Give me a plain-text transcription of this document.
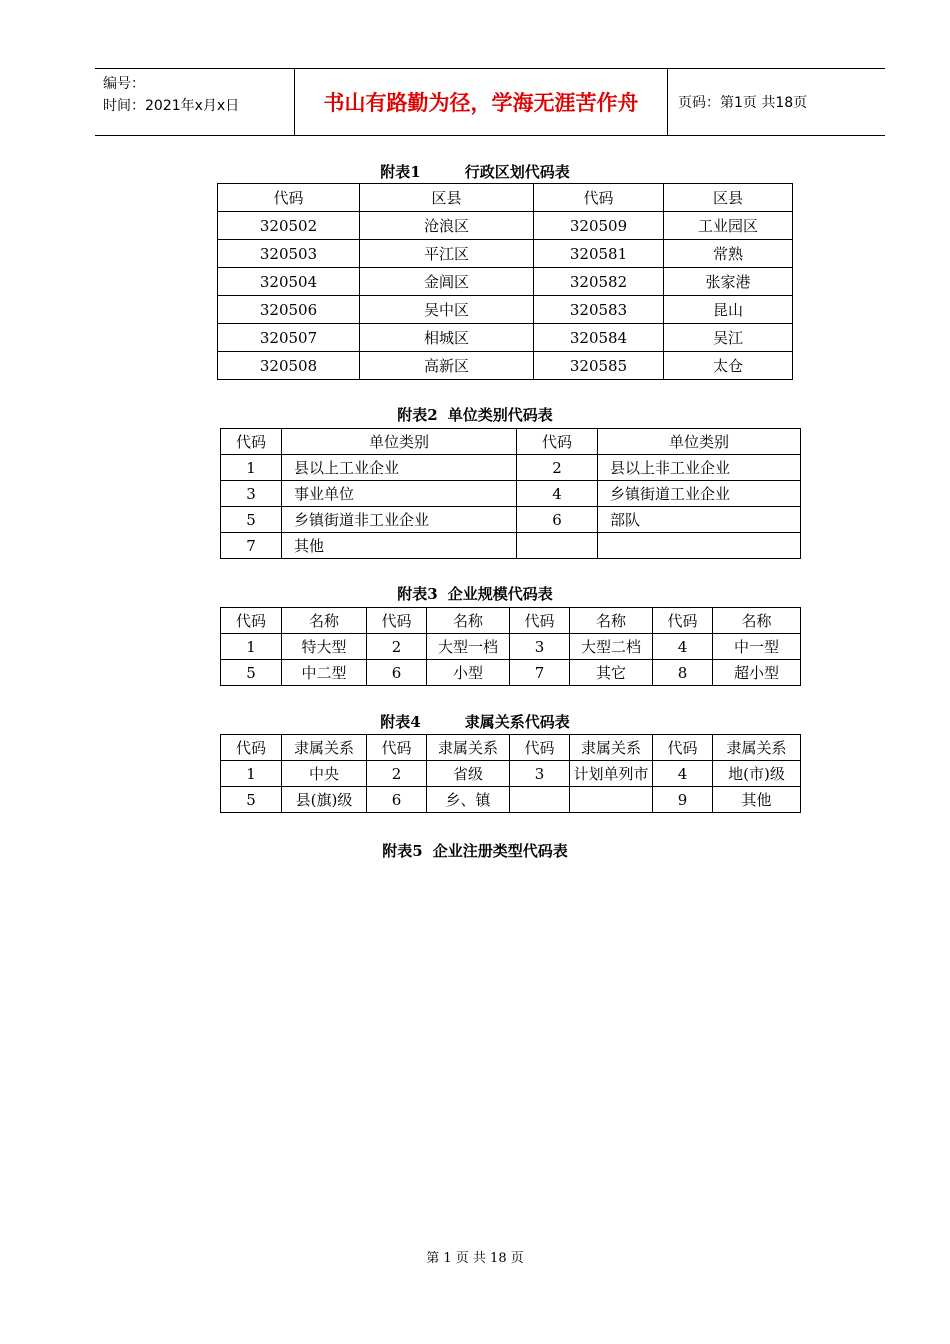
编号：
时间：2021年x月x日	书山有路勤为径，学海无涯苦作舟	页码：第1页 共18页
附表1	行政区划代码表
代码	区县	代码	区县
320502	沧浪区	320509	工业园区
320503	平江区	320581	常熟
320504	金阊区	320582	张家港
320506	吴中区	320583	昆山
320507	相城区	320584	吴江
320508	高新区	320585	太仓
附表2 单位类别代码表
代码	单位类别	代码	单位类别
1	县以上工业企业	2	县以上非工业企业
3	事业单位	4	乡镇街道工业企业
5	乡镇街道非工业企业	6	部队
7	其他		
附表3 企业规模代码表
代码	名称	代码	名称	代码	名称	代码	名称
1	特大型	2	大型一档	3	大型二档	4	中一型
5	中二型	6	小型	7	其它	8	超小型
附表4	隶属关系代码表
代码	隶属关系	代码	隶属关系	代码	隶属关系	代码	隶属关系
1	中央	2	省级	3	计划单列市	4	地(市)级
5	县(旗)级	6	乡、镇			9	其他
附表5 企业注册类型代码表
第 1 页 共 18 页
